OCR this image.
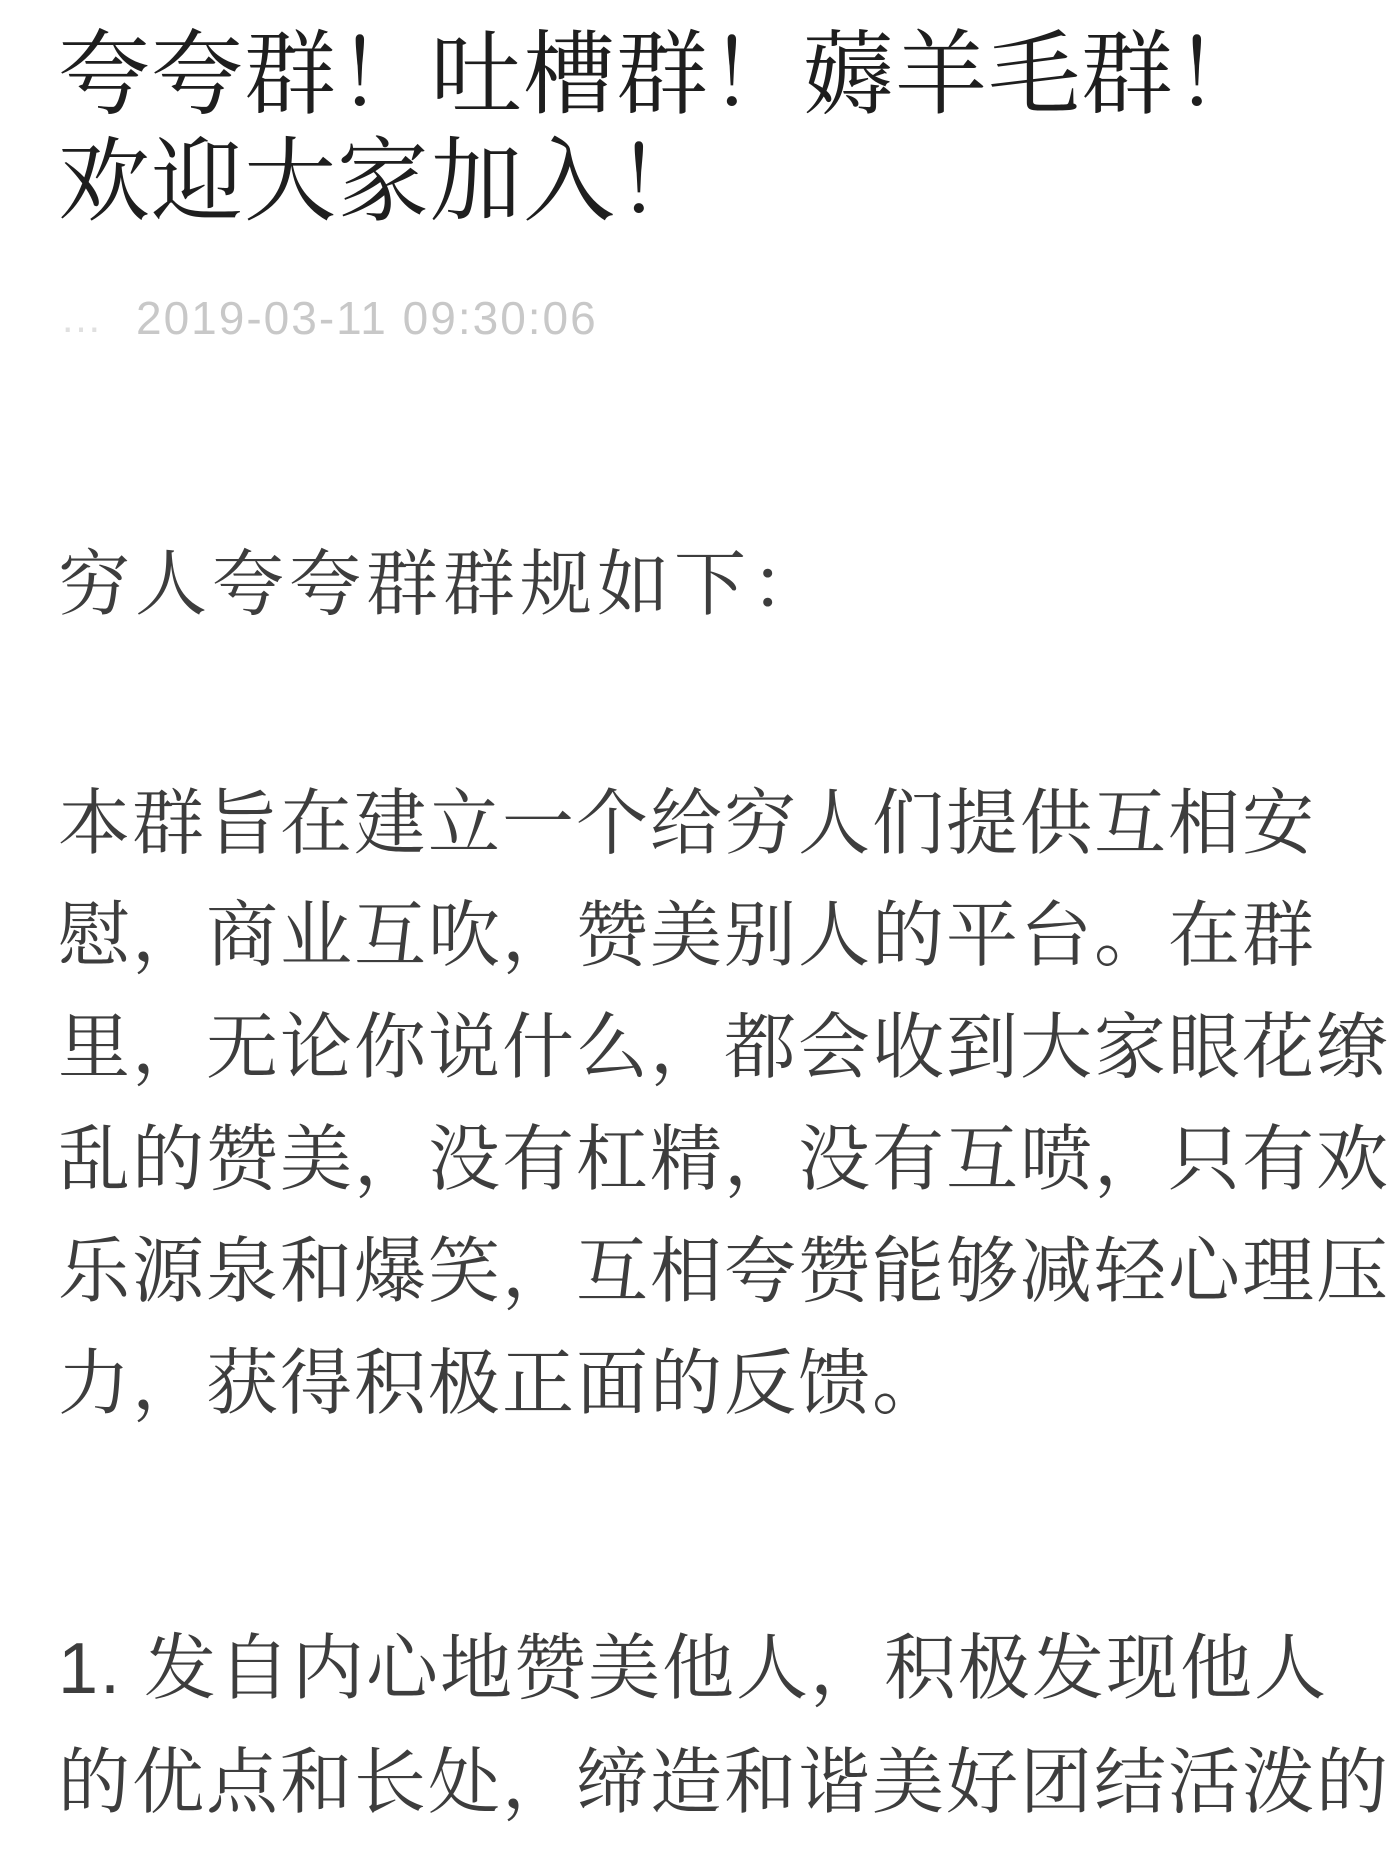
夸夸群！吐槽群！薅羊毛群！
欢迎大家加入！
… 2019-03-11 09:30:06
穷人夸夸群群规如下：
本群旨在建立一个给穷人们提供互相安
慰，商业互吹，赞美别人的平台。在群
里，无论你说什么，都会收到大家眼花缭
乱的赞美，没有杠精，没有互喷，只有欢
乐源泉和爆笑，互相夸赞能够减轻心理压
力，获得积极正面的反馈。
1. 发自内心地赞美他人，积极发现他人
的优点和长处，缔造和谐美好团结活泼的
